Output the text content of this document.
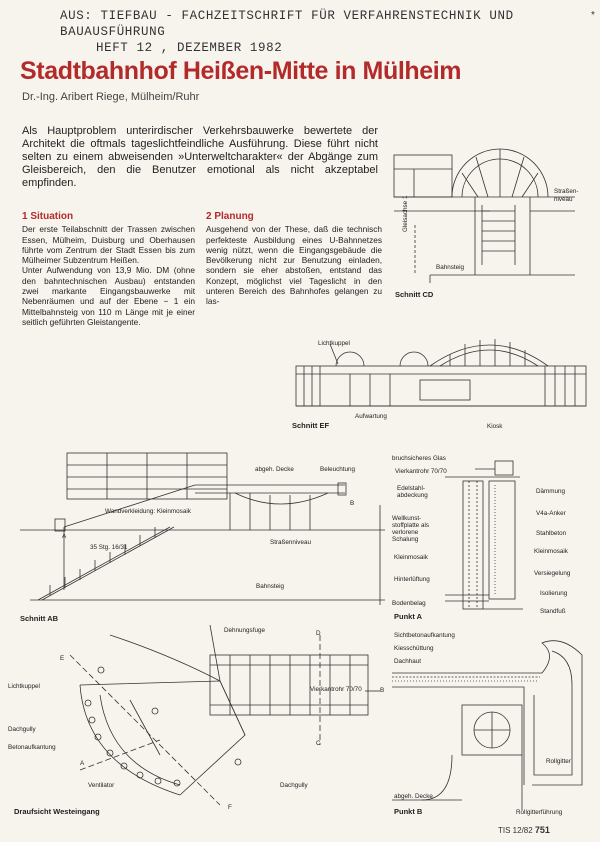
AUS: TIEFBAU - FACHZEITSCHRIFT FÜR VERFAHRENSTECHNIK UND BAUAUSFÜHRUNG
HEFT 12 , DEZEMBER 1982
*
Stadtbahnhof Heißen-Mitte in Mülheim
Dr.-Ing. Aribert Riege, Mülheim/Ruhr
Als Hauptproblem unterirdischer Verkehrsbauwerke bewertete der Architekt die oftmals tageslichtfeindliche Ausführung. Diese führt nicht selten zu einem abweisenden »Unterweltcharakter« der Abgänge zum Gleisbereich, den die Benutzer emotional als nicht akzeptabel empfinden.
1 Situation
Der erste Teilabschnitt der Trassen zwischen Essen, Mülheim, Duisburg und Oberhausen führte vom Zentrum der Stadt Essen bis zum Mülheimer Subzentrum Heißen.
Unter Aufwendung von 13,9 Mio. DM (ohne den bahntechnischen Ausbau) entstanden zwei markante Eingangsbauwerke mit Nebenräumen und auf der Ebene − 1 ein Mittelbahnsteig von 110 m Länge mit je einer seitlich geführten Gleistangente.
2 Planung
Ausgehend von der These, daß die technisch perfekteste Ausbildung eines U-Bahnnetzes wenig nützt, wenn die Eingangsgebäude die Bevölkerung nicht zur Benutzung einladen, sondern sie eher abstoßen, entstand das Konzept, möglichst viel Tageslicht in den unteren Bereich des Bahnhofes gelangen zu las-
Straßen-niveau
Gleisachse 1
Bahnsteig
Schnitt CD
Lichtkuppel
Aufwartung
Kiosk
Schnitt EF
abgeh. Decke	Beleuchtung
Wandverkleidung: Kleinmosaik
35 Stg. 16/31
Straßenniveau
Bahnsteig
A
B
Schnitt AB
bruchsicheres Glas
Vierkantrohr 70/70
Edelstahl-abdeckung
Dämmung
V4a-Anker
Wellkunst-stoffplatte als verlorene Schalung
Stahlbeton
Kleinmosaik
Kleinmosaik
Versiegelung
Hinterlüftung
Isolierung
Bodenbelag
Standfuß
Punkt A
Dehnungsfuge
Lichtkuppel	Vierkantrohr 70/70
Dachgully
Betonaufkantung
Ventilator	Dachgully
A
B
C
D
E
F
Draufsicht Westeingang
Sichtbetonaufkantung
Kiesschüttung
Dachhaut
Rollgitter
abgeh. Decke
Rollgitterführung
Punkt B
TIS 12/82 751
